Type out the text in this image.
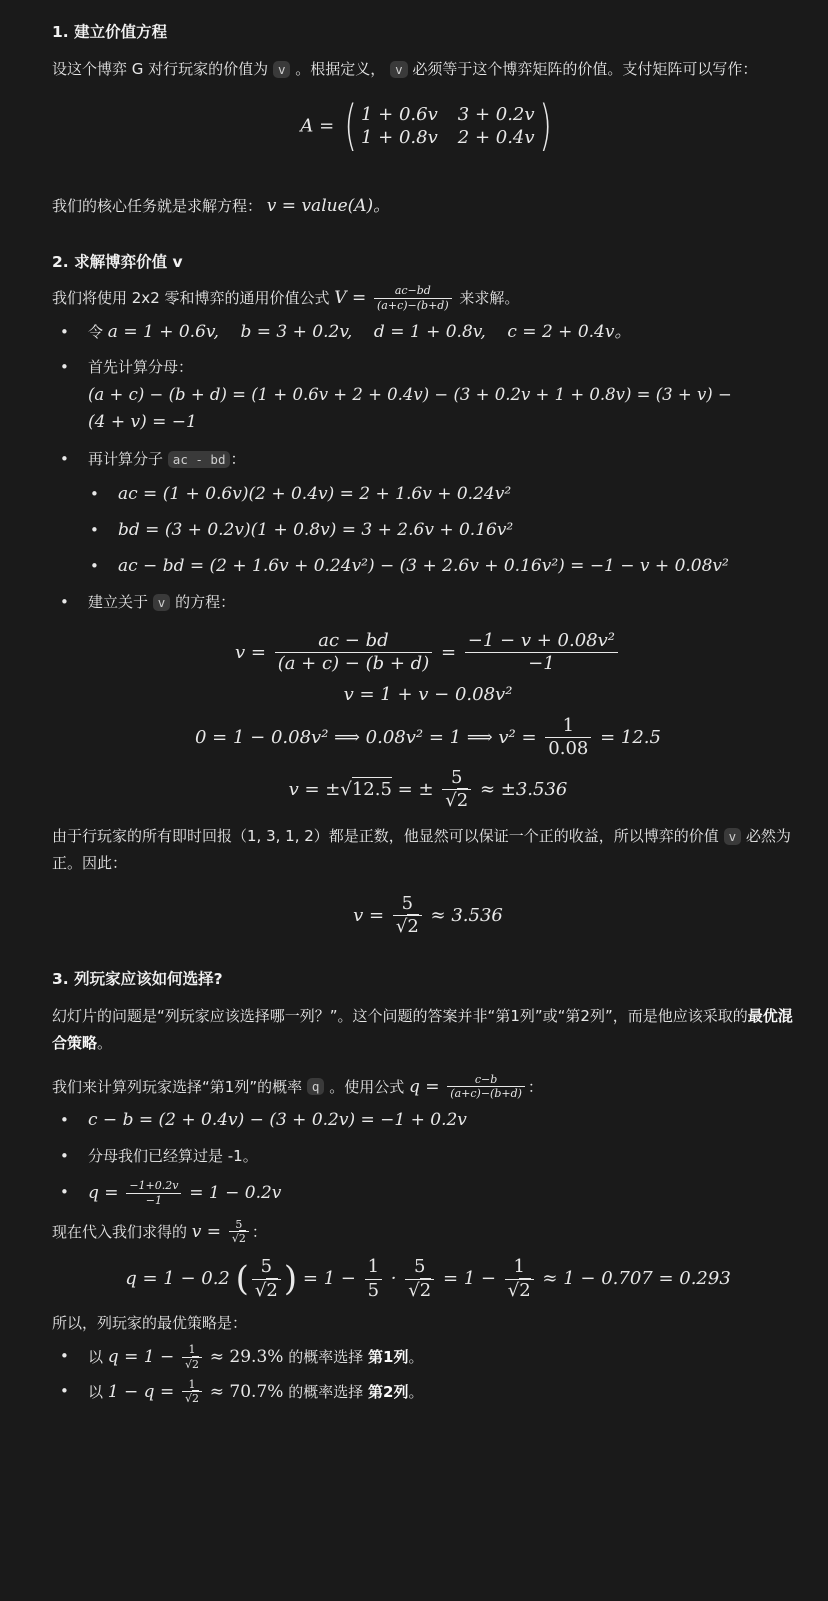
1. 建立价值方程

设这个博弈 G 对行玩家的价值为 v 。根据定义， v 必须等于这个博弈矩阵的价值。支付矩阵可以写作：

A = ( 1 + 0.6v 3 + 0.2v
1 + 0.8v 2 + 0.4v )

我们的核心任务就是求解方程： v = value(A)。

2. 求解博弈价值 v

我们将使用 2x2 零和博弈的通用价值公式 $V = \frac{ac-bd}{(a+c)-(b+d)}$ 来求解。

• 令 a = 1 + 0.6v,    b = 3 + 0.2v,    d = 1 + 0.8v,    c = 2 + 0.4v。
• 首先计算分母：
(a + c) − (b + d) = (1 + 0.6v + 2 + 0.4v) − (3 + 0.2v + 1 + 0.8v) = (3 + v) −
(4 + v) = −1
• 再计算分子 ac - bd ：
• ac = (1 + 0.6v)(2 + 0.4v) = 2 + 1.6v + 0.24v²
• bd = (3 + 0.2v)(1 + 0.8v) = 3 + 2.6v + 0.16v²
• ac − bd = (2 + 1.6v + 0.24v²) − (3 + 2.6v + 0.16v²) = −1 − v + 0.08v²
• 建立关于 v 的方程：
$v = \frac{ac - bd}{(a + c) - (b + d)} = \frac{\text{−1 − v + 0.08v²}}{-1}$
v = 1 + v − 0.08v²
0 = 1 − 0.08v² ⟹ 0.08v² = 1 ⟹ $v^2 = \frac{1}{0.08} = 12.5$
v = ±√12.5 = ± $\frac{5}{√2} \approx \pm 3.536$

由于行玩家的所有即时回报（1, 3, 1, 2）都是正数，他显然可以保证一个正的收益，所以博弈的价值 v 必然为正。因此：

$v = \frac{5}{√2} \approx 3.536$
3. 列玩家应该如何选择?

幻灯片的问题是“列玩家应该选择哪一列？”。这个问题的答案并非“第1列”或“第2列”，而是他应该采取的最优混合策略。

我们来计算列玩家选择“第1列”的概率 q 。使用公式 $q = \frac{c-b}{(a+c)-(b+d)}$ ：

• c − b = (2 + 0.4v) − (3 + 0.2v) = −1 + 0.2v
• 分母我们已经算过是 -1。
• $q = \frac{-1+0.2v}{-1} = 1 - 0.2v$

现在代入我们求得的 $v = \frac{5}{√2}$ ：

q = 1 − 0.2 ( $\frac{5}{√2}$ ) = $1 - \frac{1}{5} \cdot \frac{5}{√2} = 1 - \frac{1}{√2} \approx 1 - 0.707 = 0.293$

所以，列玩家的最优策略是：

• 以 $q = 1 - \frac{1}{√2} \approx 29.3\%$ 的概率选择 第1列。
• 以 $1 - q = \frac{1}{√2} \approx 70.7\%$ 的概率选择 第2列。
